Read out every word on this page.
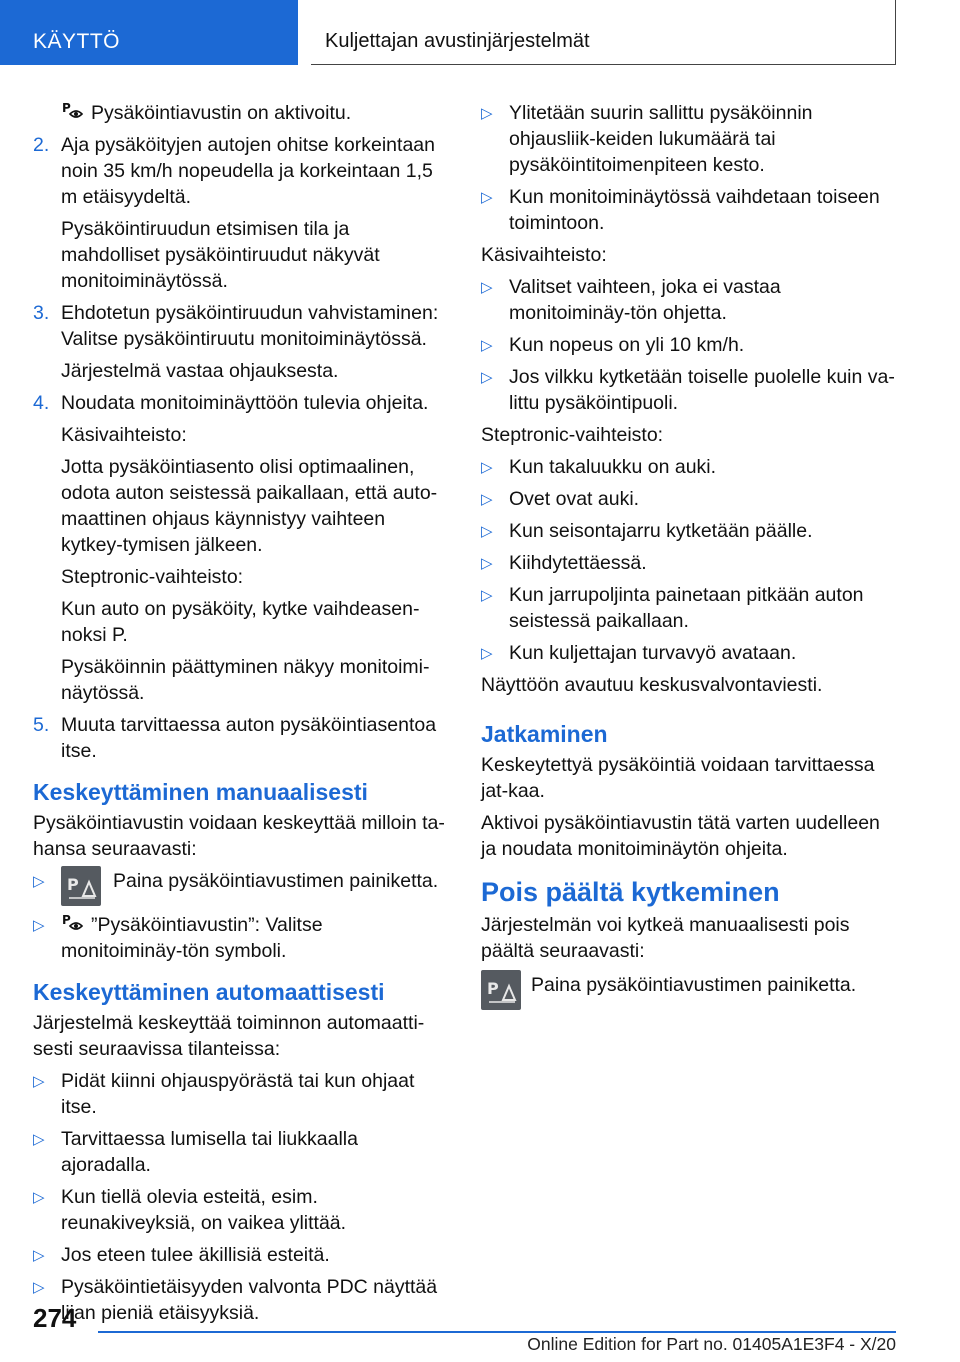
KÄYTTÖ	Kuljettajan avustinjärjestelmät
P Pysäköintiavustin on aktivoitu.
2. Aja pysäköityjen autojen ohitse korkeintaan noin 35 km/h nopeudella ja korkeintaan 1,5 m etäisyydeltä.
Pysäköintiruudun etsimisen tila ja mahdolliset pysäköintiruudut näkyvät monitoiminäytössä.
3. Ehdotetun pysäköintiruudun vahvistaminen: Valitse pysäköintiruutu monitoiminäytössä.
Järjestelmä vastaa ohjauksesta.
4. Noudata monitoiminäyttöön tulevia ohjeita.
Käsivaihteisto:
Jotta pysäköintiasento olisi optimaalinen, odota auton seistessä paikallaan, että auto-maattinen ohjaus käynnistyy vaihteen kytkey-tymisen jälkeen.
Steptronic-vaihteisto:
Kun auto on pysäköity, kytke vaihdeasen-noksi P.
Pysäköinnin päättyminen näkyy monitoimi-näytössä.
5. Muuta tarvittaessa auton pysäköintiasentoa itse.
Keskeyttäminen manuaalisesti
Pysäköintiavustin voidaan keskeyttää milloin ta-hansa seuraavasti:
▷ P Paina pysäköintiavustimen painiketta.
▷ P ”Pysäköintiavustin”: Valitse monitoiminäy-tön symboli.
Keskeyttäminen automaattisesti
Järjestelmä keskeyttää toiminnon automaatti-sesti seuraavissa tilanteissa:
▷ Pidät kiinni ohjauspyörästä tai kun ohjaat itse.
▷ Tarvittaessa lumisella tai liukkaalla ajoradalla.
▷ Kun tiellä olevia esteitä, esim. reunakiveyksiä, on vaikea ylittää.
▷ Jos eteen tulee äkillisiä esteitä.
▷ Pysäköintietäisyyden valvonta PDC näyttää liian pieniä etäisyyksiä.
▷ Ylitetään suurin sallittu pysäköinnin ohjausliik-keiden lukumäärä tai pysäköintitoimenpiteen kesto.
▷ Kun monitoiminäytössä vaihdetaan toiseen toimintoon.
Käsivaihteisto:
▷ Valitset vaihteen, joka ei vastaa monitoiminäy-tön ohjetta.
▷ Kun nopeus on yli 10 km/h.
▷ Jos vilkku kytketään toiselle puolelle kuin va-littu pysäköintipuoli.
Steptronic-vaihteisto:
▷ Kun takaluukku on auki.
▷ Ovet ovat auki.
▷ Kun seisontajarru kytketään päälle.
▷ Kiihdytettäessä.
▷ Kun jarrupoljinta painetaan pitkään auton seistessä paikallaan.
▷ Kun kuljettajan turvavyö avataan.
Näyttöön avautuu keskusvalvontaviesti.
Jatkaminen
Keskeytettyä pysäköintiä voidaan tarvittaessa jat-kaa.
Aktivoi pysäköintiavustin tätä varten uudelleen ja noudata monitoiminäytön ohjeita.
Pois päältä kytkeminen
Järjestelmän voi kytkeä manuaalisesti pois päältä seuraavasti:
P Paina pysäköintiavustimen painiketta.
274
Online Edition for Part no. 01405A1E3F4 - X/20
